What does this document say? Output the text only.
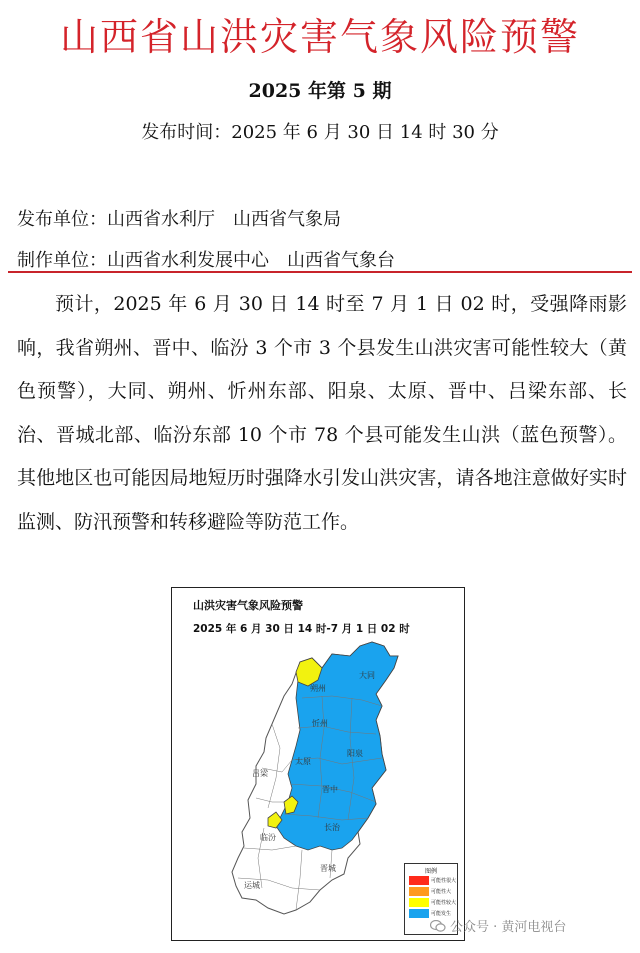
山西省山洪灾害气象风险预警
2025 年第 5 期
发布时间：2025 年 6 月 30 日 14 时 30 分
发布单位：山西省水利厅　山西省气象局
制作单位：山西省水利发展中心　山西省气象台
预计，2025 年 6 月 30 日 14 时至 7 月 1 日 02 时，受强降雨影响，我省朔州、晋中、临汾 3 个市 3 个县发生山洪灾害可能性较大（黄色预警），大同、朔州、忻州东部、阳泉、太原、晋中、吕梁东部、长治、晋城北部、临汾东部 10 个市 78 个县可能发生山洪（蓝色预警）。其他地区也可能因局地短历时强降水引发山洪灾害，请各地注意做好实时监测、防汛预警和转移避险等防范工作。
山洪灾害气象风险预警
2025 年 6 月 30 日 14 时-7 月 1 日 02 时
大同
朔州
忻州
阳泉
太原
吕梁
晋中
临汾
长治
晋城
运城
图例
可能性很大
可能性大
可能性较大
可能发生
公众号 · 黄河电视台
